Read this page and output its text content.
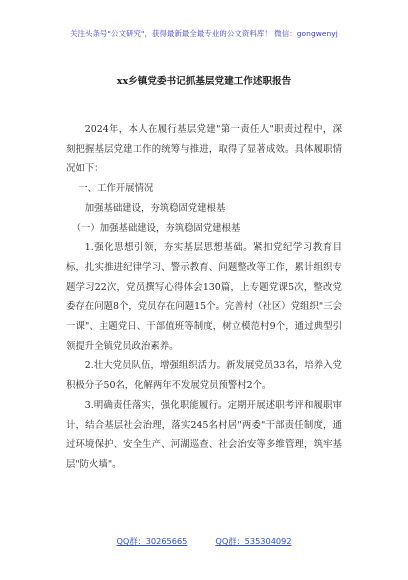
关注头条号"公文研究"，获得最新最全最专业的公文资料库！ 微信：gongwenyj
xx乡镇党委书记抓基层党建工作述职报告

2024年，本人在履行基层党建"第一责任人"职责过程中，深刻把握基层党建工作的统筹与推进，取得了显著成效。具体履职情况如下：

一、工作开展情况

加强基础建设，夯筑稳固党建根基

（一）加强基础建设，夯筑稳固党建根基

1.强化思想引领，夯实基层思想基础。紧扣党纪学习教育目标，扎实推进纪律学习、警示教育、问题整改等工作，累计组织专题学习22次，党员撰写心得体会130篇，上专题党课5次，整改党委存在问题8个，党员存在问题15个。完善村（社区）党组织"三会一课"、主题党日、干部值班等制度，树立模范村9个，通过典型引领提升全镇党员政治素养。

2.壮大党员队伍，增强组织活力。新发展党员33名，培养入党积极分子50名，化解两年不发展党员预警村2个。

3.明确责任落实，强化职能履行。定期开展述职考评和履职审计，结合基层社会治理，落实245名村居"两委"干部责任制度，通过环境保护、安全生产、河湖巡查、社会治安等多维管理，筑牢基层"防火墙"。

QQ群：30265665	QQ群：535304092
